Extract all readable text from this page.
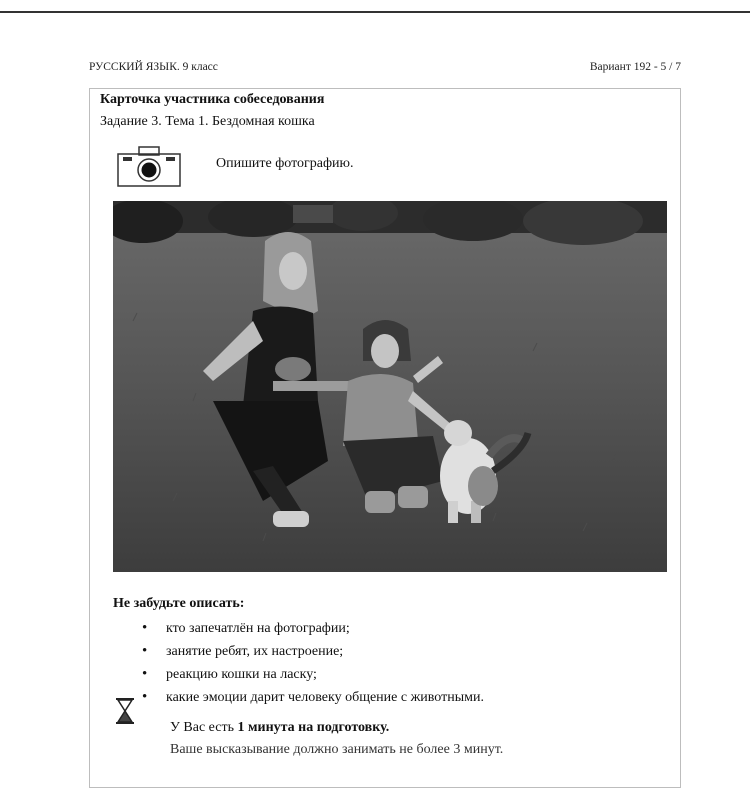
РУССКИЙ ЯЗЫК. 9 класс	Вариант 192 - 5 / 7
Карточка участника собеседования
Задание 3. Тема 1. Бездомная кошка
Опишите фотографию.
Не забудьте описать:
• кто запечатлён на фотографии;
• занятие ребят, их настроение;
• реакцию кошки на ласку;
• какие эмоции дарит человеку общение с животными.
У Вас есть 1 минута на подготовку.
Ваше высказывание должно занимать не более 3 минут.
